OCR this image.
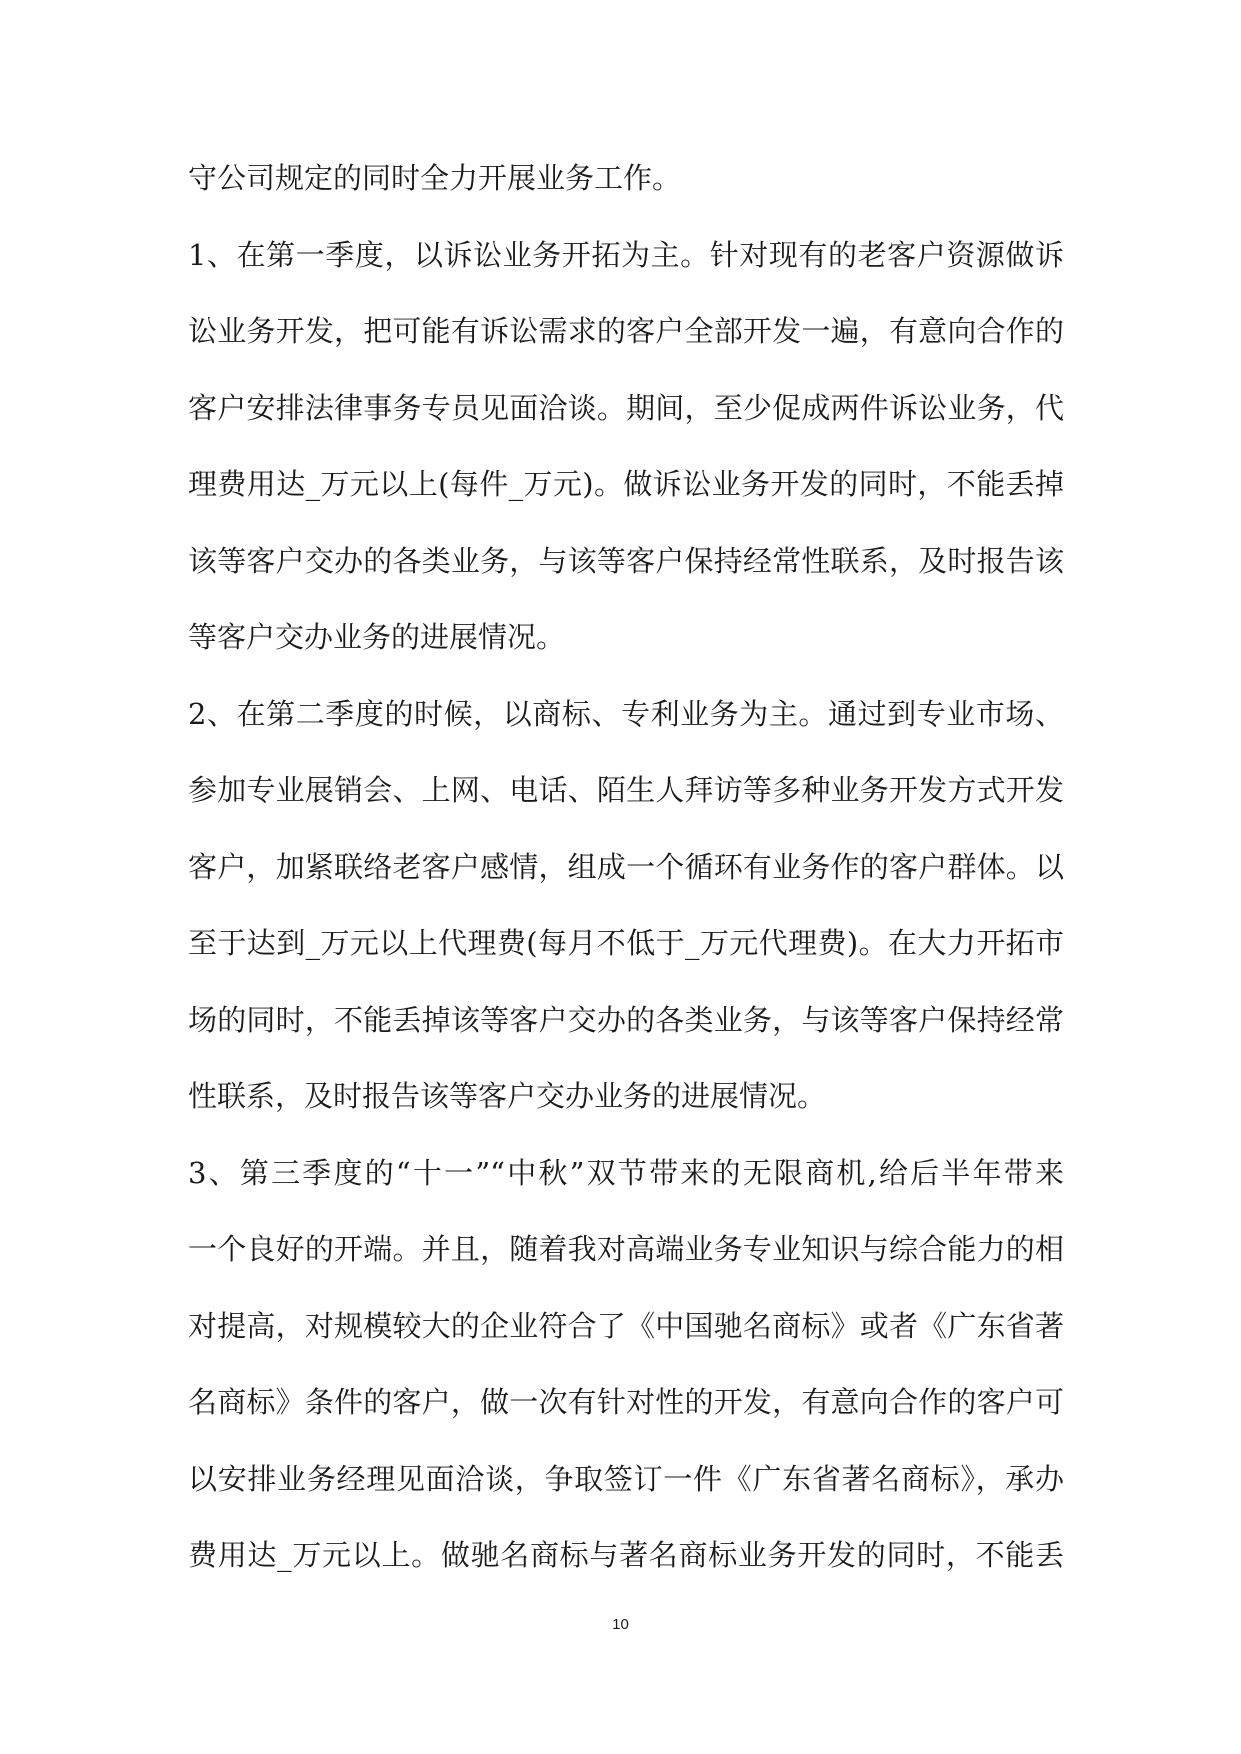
守公司规定的同时全力开展业务工作。
1、在第一季度，以诉讼业务开拓为主。针对现有的老客户资源做诉
讼业务开发，把可能有诉讼需求的客户全部开发一遍，有意向合作的
客户安排法律事务专员见面洽谈。期间，至少促成两件诉讼业务，代
理费用达_万元以上(每件_万元)。做诉讼业务开发的同时，不能丢掉
该等客户交办的各类业务，与该等客户保持经常性联系，及时报告该
等客户交办业务的进展情况。
2、在第二季度的时候，以商标、专利业务为主。通过到专业市场、
参加专业展销会、上网、电话、陌生人拜访等多种业务开发方式开发
客户，加紧联络老客户感情，组成一个循环有业务作的客户群体。以
至于达到_万元以上代理费(每月不低于_万元代理费)。在大力开拓市
场的同时，不能丢掉该等客户交办的各类业务，与该等客户保持经常
性联系，及时报告该等客户交办业务的进展情况。
3、第三季度的“十一”“中秋”双节带来的无限商机,给后半年带来
一个良好的开端。并且，随着我对高端业务专业知识与综合能力的相
对提高，对规模较大的企业符合了《中国驰名商标》或者《广东省著
名商标》条件的客户，做一次有针对性的开发，有意向合作的客户可
以安排业务经理见面洽谈，争取签订一件《广东省著名商标》，承办
费用达_万元以上。做驰名商标与著名商标业务开发的同时，不能丢
10
